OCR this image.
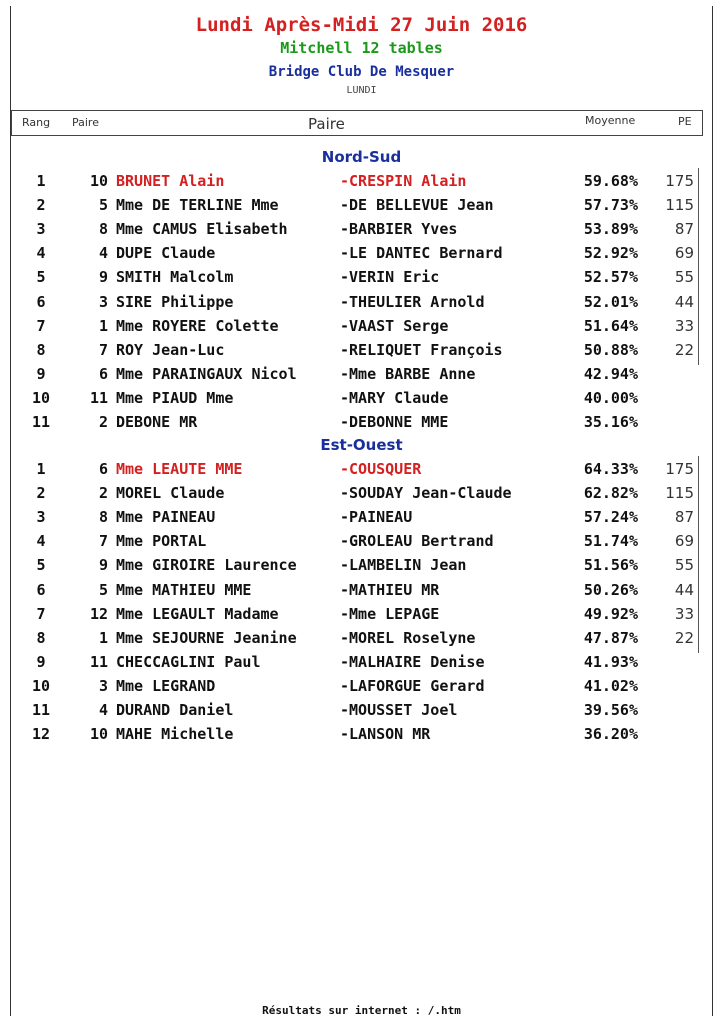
Lundi Après-Midi 27 Juin 2016
Mitchell 12 tables
Bridge Club De Mesquer
LUNDI
Rang Paire	Paire	Moyenne	PE
Nord-Sud
1	10 BRUNET Alain	-CRESPIN Alain	59.68%	175
2	5 Mme DE TERLINE Mme	-DE BELLEVUE Jean	57.73%	115
3	8 Mme CAMUS Elisabeth	-BARBIER Yves	53.89%	87
4	4 DUPE Claude	-LE DANTEC Bernard	52.92%	69
5	9 SMITH Malcolm	-VERIN Eric	52.57%	55
6	3 SIRE Philippe	-THEULIER Arnold	52.01%	44
7	1 Mme ROYERE Colette	-VAAST Serge	51.64%	33
8	7 ROY Jean-Luc	-RELIQUET François	50.88%	22
9	6 Mme PARAINGAUX Nicol	-Mme BARBE Anne	42.94%
10	11 Mme PIAUD Mme	-MARY Claude	40.00%
11	2 DEBONE MR	-DEBONNE MME	35.16%
Est-Ouest
1	6 Mme LEAUTE MME	-COUSQUER	64.33%	175
2	2 MOREL Claude	-SOUDAY Jean-Claude	62.82%	115
3	8 Mme PAINEAU	-PAINEAU	57.24%	87
4	7 Mme PORTAL	-GROLEAU Bertrand	51.74%	69
5	9 Mme GIROIRE Laurence	-LAMBELIN Jean	51.56%	55
6	5 Mme MATHIEU MME	-MATHIEU MR	50.26%	44
7	12 Mme LEGAULT Madame	-Mme LEPAGE	49.92%	33
8	1 Mme SEJOURNE Jeanine	-MOREL Roselyne	47.87%	22
9	11 CHECCAGLINI Paul	-MALHAIRE Denise	41.93%
10	3 Mme LEGRAND	-LAFORGUE Gerard	41.02%
11	4 DURAND Daniel	-MOUSSET Joel	39.56%
12	10 MAHE Michelle	-LANSON MR	36.20%
Résultats sur internet : /.htm
